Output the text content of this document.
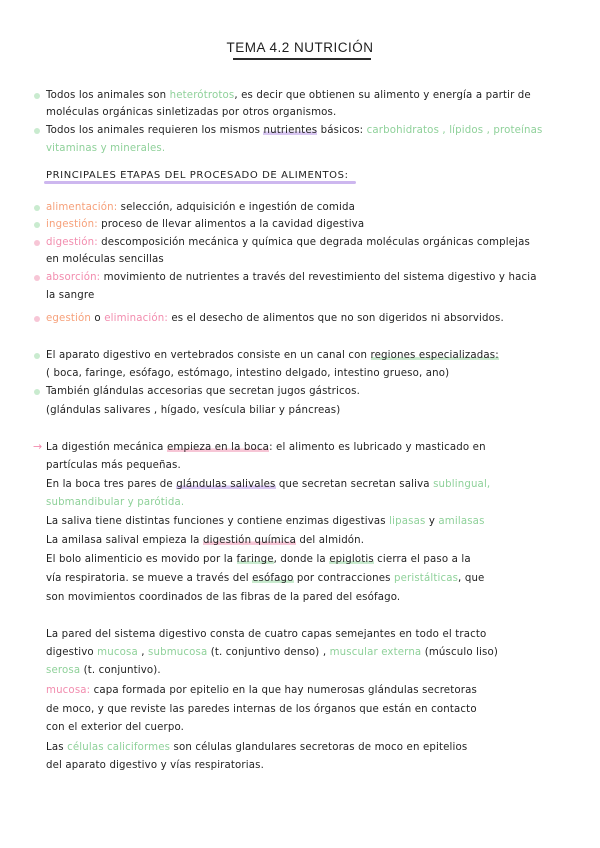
TEMA 4.2 NUTRICIÓN
Todos los animales son heterótrotos, es decir que obtienen su alimento y energía a partir de
moléculas orgánicas sinletizadas por otros organismos.
Todos los animales requieren los mismos nutrientes básicos: carbohidratos , lípidos , proteínas
vitaminas y minerales.
PRINCIPALES ETAPAS DEL PROCESADO DE ALIMENTOS:
alimentación: selección, adquisición e ingestión de comida
ingestión: proceso de llevar alimentos a la cavidad digestiva
digestión: descomposición mecánica y química que degrada moléculas orgánicas complejas
en moléculas sencillas
absorción: movimiento de nutrientes a través del revestimiento del sistema digestivo y hacia
la sangre
egestión o eliminación: es el desecho de alimentos que no son digeridos ni absorvidos.
El aparato digestivo en vertebrados consiste en un canal con regiones especializadas:
( boca, faringe, esófago, estómago, intestino delgado, intestino grueso, ano)
También glándulas accesorias que secretan jugos gástricos.
(glándulas salivares , hígado, vesícula biliar y páncreas)
→ La digestión mecánica empieza en la boca: el alimento es lubricado y masticado en
partículas más pequeñas.
En la boca tres pares de glándulas salivales que secretan secretan saliva sublingual,
submandibular y parótida.
La saliva tiene distintas funciones y contiene enzimas digestivas lipasas y amilasas
La amilasa salival empieza la digestión química del almidón.
El bolo alimenticio es movido por la faringe, donde la epiglotis cierra el paso a la
vía respiratoria. se mueve a través del esófago por contracciones peristálticas, que
son movimientos coordinados de las fibras de la pared del esófago.
La pared del sistema digestivo consta de cuatro capas semejantes en todo el tracto
digestivo mucosa , submucosa (t. conjuntivo denso) , muscular externa (músculo liso)
serosa (t. conjuntivo).
mucosa: capa formada por epitelio en la que hay numerosas glándulas secretoras
de moco, y que reviste las paredes internas de los órganos que están en contacto
con el exterior del cuerpo.
Las células caliciformes son células glandulares secretoras de moco en epitelios
del aparato digestivo y vías respiratorias.
